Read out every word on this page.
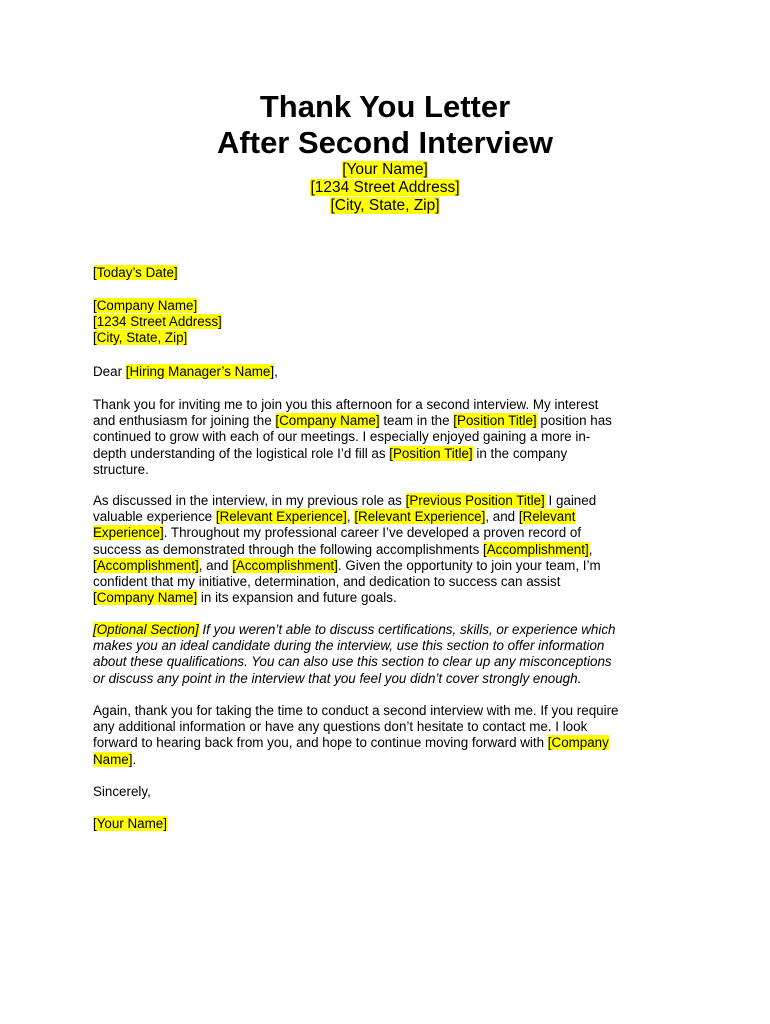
Thank You Letter
After Second Interview
[Your Name]
[1234 Street Address]
[City, State, Zip]
[Today’s Date]
[Company Name]
[1234 Street Address]
[City, State, Zip]
Dear [Hiring Manager’s Name],
Thank you for inviting me to join you this afternoon for a second interview. My interest
and enthusiasm for joining the [Company Name] team in the [Position Title] position has
continued to grow with each of our meetings. I especially enjoyed gaining a more in-
depth understanding of the logistical role I’d fill as [Position Title] in the company
structure.
As discussed in the interview, in my previous role as [Previous Position Title] I gained
valuable experience [Relevant Experience], [Relevant Experience], and [Relevant
Experience]. Throughout my professional career I’ve developed a proven record of
success as demonstrated through the following accomplishments [Accomplishment],
[Accomplishment], and [Accomplishment]. Given the opportunity to join your team, I’m
confident that my initiative, determination, and dedication to success can assist
[Company Name] in its expansion and future goals.
[Optional Section] If you weren’t able to discuss certifications, skills, or experience which
makes you an ideal candidate during the interview, use this section to offer information
about these qualifications. You can also use this section to clear up any misconceptions
or discuss any point in the interview that you feel you didn’t cover strongly enough.
Again, thank you for taking the time to conduct a second interview with me. If you require
any additional information or have any questions don’t hesitate to contact me. I look
forward to hearing back from you, and hope to continue moving forward with [Company
Name].
Sincerely,
[Your Name]
